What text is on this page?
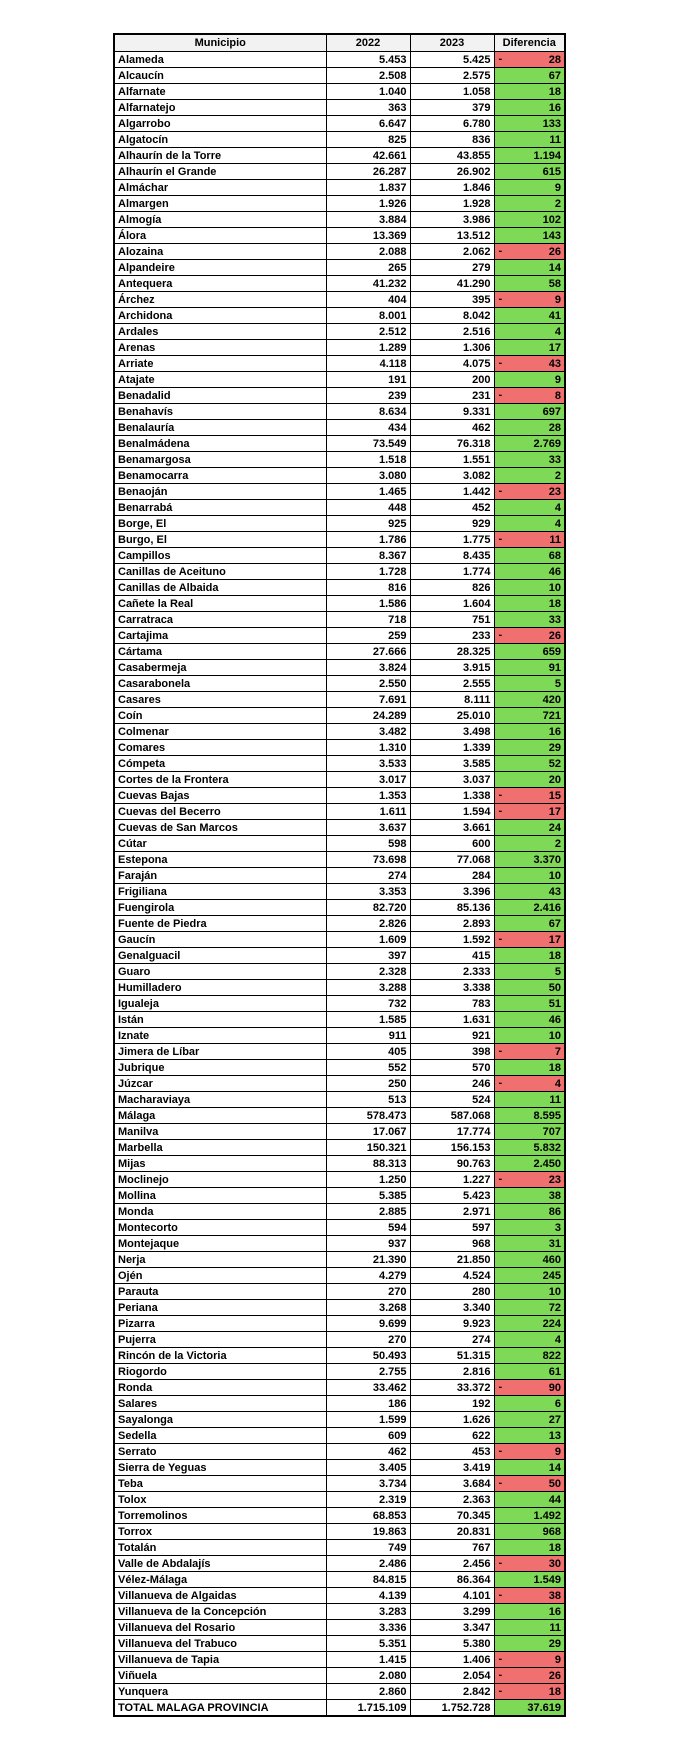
Municipio	2022	2023	Diferencia
Alameda	5.453	5.425	- 28
Alcaucín	2.508	2.575	67
Alfarnate	1.040	1.058	18
Alfarnatejo	363	379	16
Algarrobo	6.647	6.780	133
Algatocín	825	836	11
Alhaurín de la Torre	42.661	43.855	1.194
Alhaurín el Grande	26.287	26.902	615
Almáchar	1.837	1.846	9
Almargen	1.926	1.928	2
Almogía	3.884	3.986	102
Álora	13.369	13.512	143
Alozaina	2.088	2.062	- 26
Alpandeire	265	279	14
Antequera	41.232	41.290	58
Árchez	404	395	- 9
Archidona	8.001	8.042	41
Ardales	2.512	2.516	4
Arenas	1.289	1.306	17
Arriate	4.118	4.075	- 43
Atajate	191	200	9
Benadalid	239	231	- 8
Benahavís	8.634	9.331	697
Benalauría	434	462	28
Benalmádena	73.549	76.318	2.769
Benamargosa	1.518	1.551	33
Benamocarra	3.080	3.082	2
Benaoján	1.465	1.442	- 23
Benarrabá	448	452	4
Borge, El	925	929	4
Burgo, El	1.786	1.775	- 11
Campillos	8.367	8.435	68
Canillas de Aceituno	1.728	1.774	46
Canillas de Albaida	816	826	10
Cañete la Real	1.586	1.604	18
Carratraca	718	751	33
Cartajima	259	233	- 26
Cártama	27.666	28.325	659
Casabermeja	3.824	3.915	91
Casarabonela	2.550	2.555	5
Casares	7.691	8.111	420
Coín	24.289	25.010	721
Colmenar	3.482	3.498	16
Comares	1.310	1.339	29
Cómpeta	3.533	3.585	52
Cortes de la Frontera	3.017	3.037	20
Cuevas Bajas	1.353	1.338	- 15
Cuevas del Becerro	1.611	1.594	- 17
Cuevas de San Marcos	3.637	3.661	24
Cútar	598	600	2
Estepona	73.698	77.068	3.370
Faraján	274	284	10
Frigiliana	3.353	3.396	43
Fuengirola	82.720	85.136	2.416
Fuente de Piedra	2.826	2.893	67
Gaucín	1.609	1.592	- 17
Genalguacil	397	415	18
Guaro	2.328	2.333	5
Humilladero	3.288	3.338	50
Igualeja	732	783	51
Istán	1.585	1.631	46
Iznate	911	921	10
Jimera de Líbar	405	398	- 7
Jubrique	552	570	18
Júzcar	250	246	- 4
Macharaviaya	513	524	11
Málaga	578.473	587.068	8.595
Manilva	17.067	17.774	707
Marbella	150.321	156.153	5.832
Mijas	88.313	90.763	2.450
Moclinejo	1.250	1.227	- 23
Mollina	5.385	5.423	38
Monda	2.885	2.971	86
Montecorto	594	597	3
Montejaque	937	968	31
Nerja	21.390	21.850	460
Ojén	4.279	4.524	245
Parauta	270	280	10
Periana	3.268	3.340	72
Pizarra	9.699	9.923	224
Pujerra	270	274	4
Rincón de la Victoria	50.493	51.315	822
Riogordo	2.755	2.816	61
Ronda	33.462	33.372	- 90
Salares	186	192	6
Sayalonga	1.599	1.626	27
Sedella	609	622	13
Serrato	462	453	- 9
Sierra de Yeguas	3.405	3.419	14
Teba	3.734	3.684	- 50
Tolox	2.319	2.363	44
Torremolinos	68.853	70.345	1.492
Torrox	19.863	20.831	968
Totalán	749	767	18
Valle de Abdalajís	2.486	2.456	- 30
Vélez-Málaga	84.815	86.364	1.549
Villanueva de Algaidas	4.139	4.101	- 38
Villanueva de la Concepción	3.283	3.299	16
Villanueva del Rosario	3.336	3.347	11
Villanueva del Trabuco	5.351	5.380	29
Villanueva de Tapia	1.415	1.406	- 9
Viñuela	2.080	2.054	- 26
Yunquera	2.860	2.842	- 18
TOTAL MALAGA PROVINCIA	1.715.109	1.752.728	37.619
